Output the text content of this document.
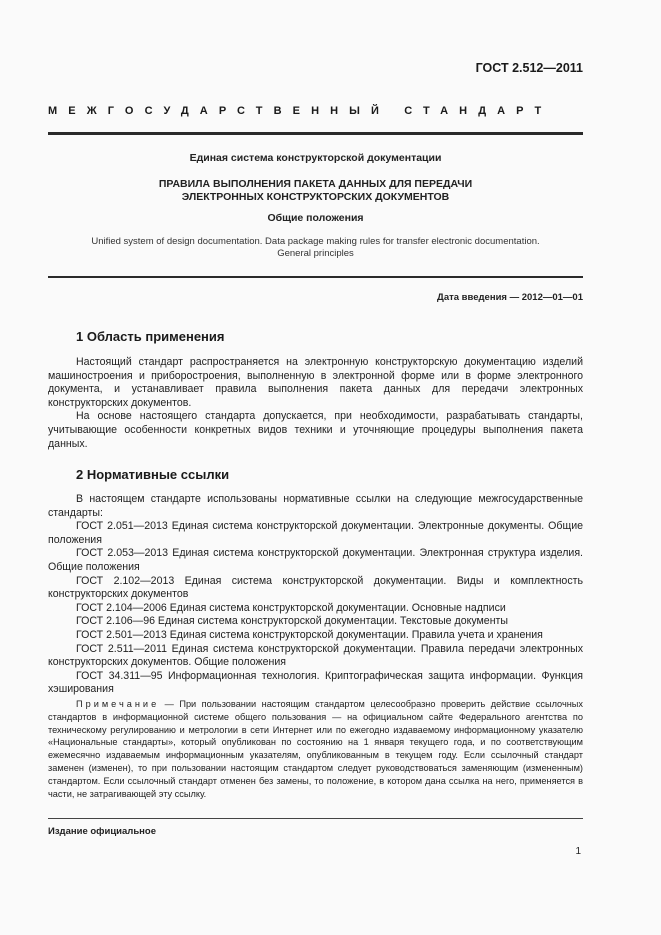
ГОСТ 2.512—2011
МЕЖГОСУДАРСТВЕННЫЙ СТАНДАРТ
Единая система конструкторской документации
ПРАВИЛА ВЫПОЛНЕНИЯ ПАКЕТА ДАННЫХ ДЛЯ ПЕРЕДАЧИ
ЭЛЕКТРОННЫХ КОНСТРУКТОРСКИХ ДОКУМЕНТОВ
Общие положения
Unified system of design documentation. Data package making rules for transfer electronic documentation.
General principles
Дата введения — 2012—01—01
1 Область применения

Настоящий стандарт распространяется на электронную конструкторскую документацию изделий машиностроения и приборостроения, выполненную в электронной форме или в форме электронного документа, и устанавливает правила выполнения пакета данных для передачи электронных конструкторских документов.

На основе настоящего стандарта допускается, при необходимости, разрабатывать стандарты, учитывающие особенности конкретных видов техники и уточняющие процедуры выполнения пакета данных.

2 Нормативные ссылки

В настоящем стандарте использованы нормативные ссылки на следующие межгосударственные стандарты:

ГОСТ 2.051—2013 Единая система конструкторской документации. Электронные документы. Общие положения

ГОСТ 2.053—2013 Единая система конструкторской документации. Электронная структура изделия. Общие положения

ГОСТ 2.102—2013 Единая система конструкторской документации. Виды и комплектность конструкторских документов

ГОСТ 2.104—2006 Единая система конструкторской документации. Основные надписи

ГОСТ 2.106—96 Единая система конструкторской документации. Текстовые документы

ГОСТ 2.501—2013 Единая система конструкторской документации. Правила учета и хранения

ГОСТ 2.511—2011 Единая система конструкторской документации. Правила передачи электронных конструкторских документов. Общие положения

ГОСТ 34.311—95 Информационная технология. Криптографическая защита информации. Функция хэширования

Примечание — При пользовании настоящим стандартом целесообразно проверить действие ссылочных стандартов в информационной системе общего пользования — на официальном сайте Федерального агентства по техническому регулированию и метрологии в сети Интернет или по ежегодно издаваемому информационному указателю «Национальные стандарты», который опубликован по состоянию на 1 января текущего года, и по соответствующим ежемесячно издаваемым информационным указателям, опубликованным в текущем году. Если ссылочный стандарт заменен (изменен), то при пользовании настоящим стандартом следует руководствоваться заменяющим (измененным) стандартом. Если ссылочный стандарт отменен без замены, то положение, в котором дана ссылка на него, применяется в части, не затрагивающей эту ссылку.

Издание официальное
1
